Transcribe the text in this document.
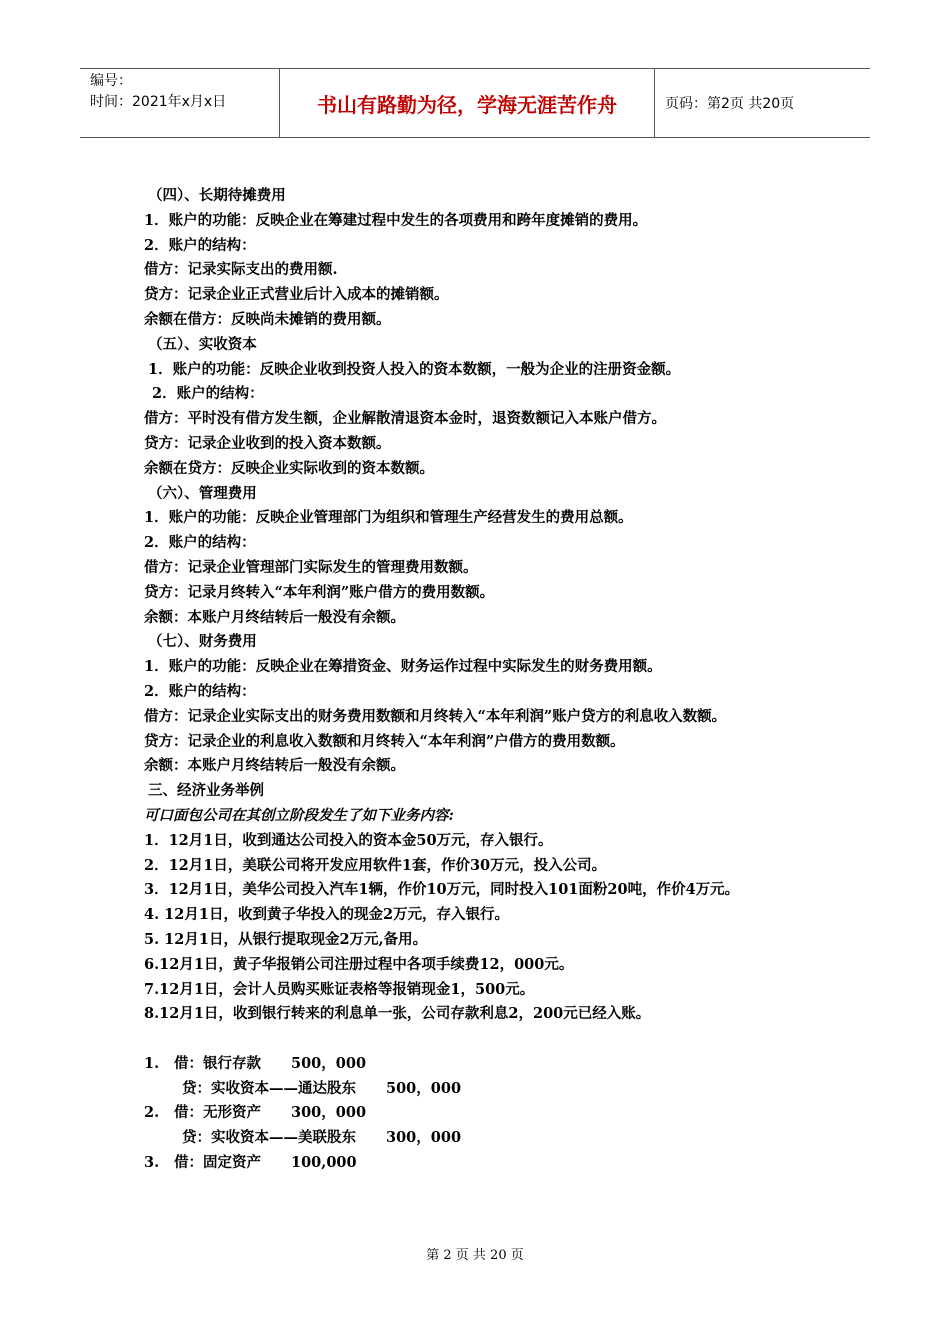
编号：
时间：2021年x月x日	书山有路勤为径，学海无涯苦作舟	页码：第2页 共20页
（四）、长期待摊费用
1．账户的功能：反映企业在筹建过程中发生的各项费用和跨年度摊销的费用。
2．账户的结构：
借方：记录实际支出的费用额.
贷方：记录企业正式营业后计入成本的摊销额。
余额在借方：反映尚未摊销的费用额。
（五）、实收资本
1．账户的功能：反映企业收到投资人投入的资本数额，一般为企业的注册资金额。
2．账户的结构：
借方：平时没有借方发生额，企业解散清退资本金时，退资数额记入本账户借方。
贷方：记录企业收到的投入资本数额。
余额在贷方：反映企业实际收到的资本数额。
（六）、管理费用
1．账户的功能：反映企业管理部门为组织和管理生产经营发生的费用总额。
2．账户的结构：
借方：记录企业管理部门实际发生的管理费用数额。
贷方：记录月终转入“本年利润”账户借方的费用数额。
余额：本账户月终结转后一般没有余额。
（七）、财务费用
1．账户的功能：反映企业在筹措资金、财务运作过程中实际发生的财务费用额。
2．账户的结构：
借方：记录企业实际支出的财务费用数额和月终转入“本年利润”账户贷方的利息收入数额。
贷方：记录企业的利息收入数额和月终转入“本年利润”户借方的费用数额。
余额：本账户月终结转后一般没有余额。
三、经济业务举例
可口面包公司在其创立阶段发生了如下业务内容:
1．12月1日，收到通达公司投入的资本金50万元，存入银行。
2．12月1日，美联公司将开发应用软件1套，作价30万元，投入公司。
3．12月1日，美华公司投入汽车1辆，作价10万元，同时投入101面粉20吨，作价4万元。
4. 12月1日，收到黄子华投入的现金2万元，存入银行。
5. 12月1日，从银行提取现金2万元,备用。
6.12月1日，黄子华报销公司注册过程中各项手续费12，000元。
7.12月1日，会计人员购买账证表格等报销现金1，500元。
8.12月1日，收到银行转来的利息单一张，公司存款利息2，200元已经入账。
1. 借：银行存款 500，000
贷：实收资本——通达股东 500，000
2. 借：无形资产 300，000
贷：实收资本——美联股东 300，000
3. 借：固定资产 100,000
第 2 页 共 20 页
